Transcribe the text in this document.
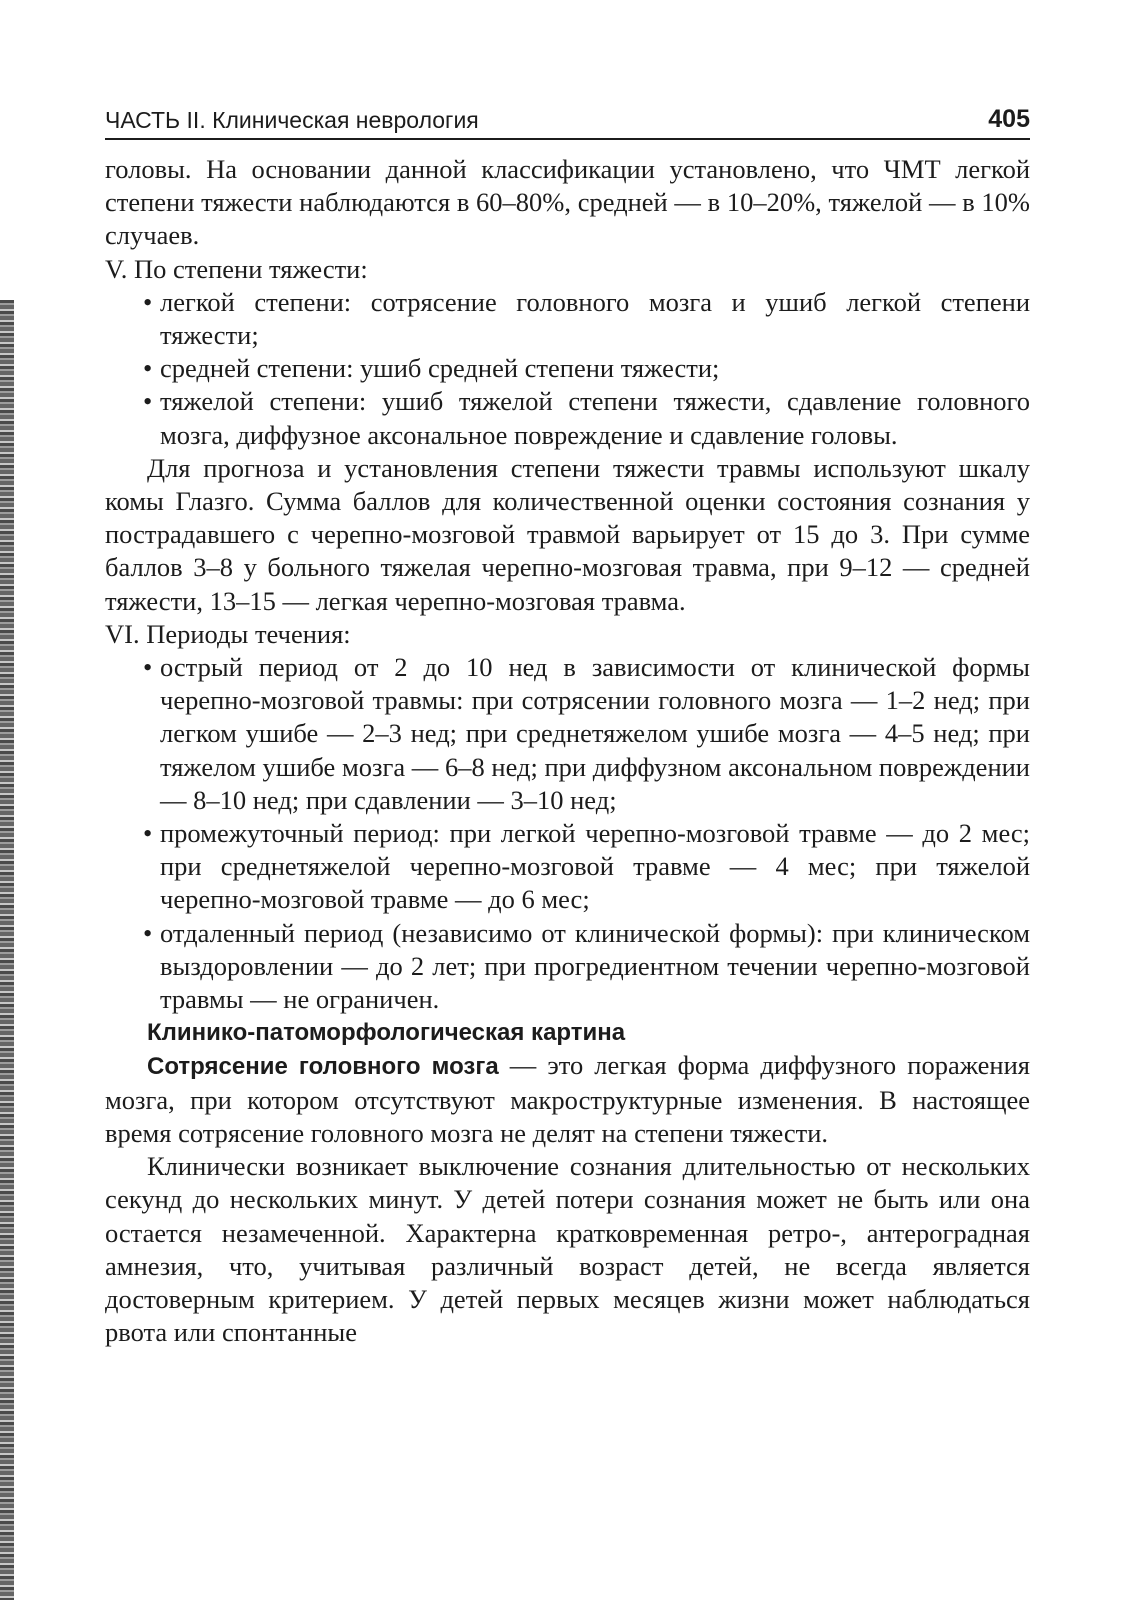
ЧАСТЬ II. Клиническая неврология	405

головы. На основании данной классификации установлено, что ЧМТ легкой степени тяжести наблюдаются в 60–80%, средней — в 10–20%, тяжелой — в 10% случаев.

V. По степени тяжести:

• легкой степени: сотрясение головного мозга и ушиб легкой степени тяжести;
• средней степени: ушиб средней степени тяжести;
• тяжелой степени: ушиб тяжелой степени тяжести, сдавление головного мозга, диффузное аксональное повреждение и сдавление головы.

Для прогноза и установления степени тяжести травмы используют шкалу комы Глазго. Сумма баллов для количественной оценки состояния сознания у пострадавшего с черепно-мозговой травмой варьирует от 15 до 3. При сумме баллов 3–8 у больного тяжелая черепно-мозговая травма, при 9–12 — средней тяжести, 13–15 — легкая черепно-мозговая травма.

VI. Периоды течения:

• острый период от 2 до 10 нед в зависимости от клинической формы черепно-мозговой травмы: при сотрясении головного мозга — 1–2 нед; при легком ушибе — 2–3 нед; при среднетяжелом ушибе мозга — 4–5 нед; при тяжелом ушибе мозга — 6–8 нед; при диффузном аксональном повреждении — 8–10 нед; при сдавлении — 3–10 нед;
• промежуточный период: при легкой черепно-мозговой травме — до 2 мес; при среднетяжелой черепно-мозговой травме — 4 мес; при тяжелой черепно-мозговой травме — до 6 мес;
• отдаленный период (независимо от клинической формы): при клиническом выздоровлении — до 2 лет; при прогредиентном течении черепно-мозговой травмы — не ограничен.

Клинико-патоморфологическая картина

Сотрясение головного мозга — это легкая форма диффузного поражения мозга, при котором отсутствуют макроструктурные изменения. В настоящее время сотрясение головного мозга не делят на степени тяжести.

Клинически возникает выключение сознания длительностью от нескольких секунд до нескольких минут. У детей потери сознания может не быть или она остается незамеченной. Характерна кратковременная ретро-, антероградная амнезия, что, учитывая различный возраст детей, не всегда является достоверным критерием. У детей первых месяцев жизни может наблюдаться рвота или спонтанные
